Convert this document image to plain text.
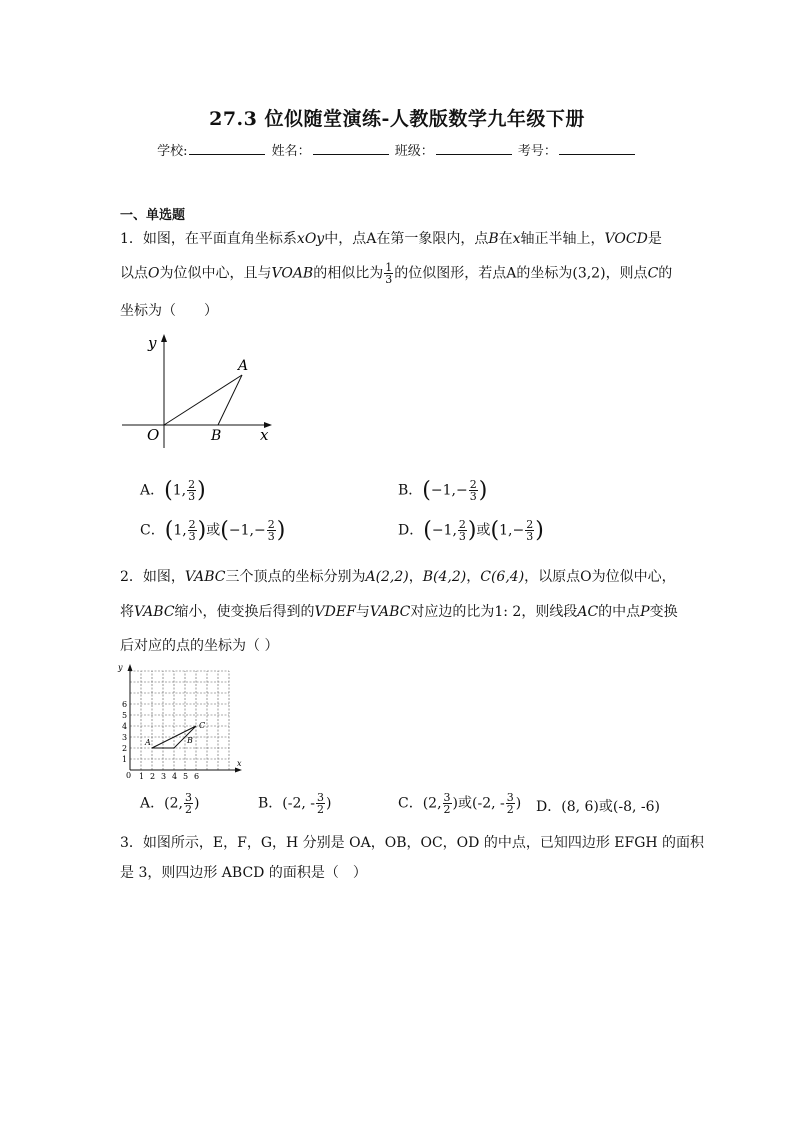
27.3 位似随堂演练-人教版数学九年级下册
学校:	姓名：	班级：	考号：
一、单选题
1．如图，在平面直角坐标系xOy中，点A在第一象限内，点B在x轴正半轴上，VOCD是
以点O为位似中心，且与VOAB的相似比为 $\frac{1}{3}$ 的位似图形，若点A的坐标为(3,2)，则点C的
坐标为（　　）
y
A
O	B	x
A．(1, $\frac{2}{3}$ )	B．($-1,- \frac{2}{3}$ )
C．(1, $\frac{2}{3}$ )或($-1,- \frac{2}{3}$ )	D．(−1, $\frac{2}{3}$ )或($1,- \frac{2}{3}$ )
2．如图，VABC三个顶点的坐标分别为A(2,2)，B(4,2)，C(6,4)，以原点O为位似中心，
将VABC缩小，使变换后得到的VDEF与VABC对应边的比为1: 2，则线段AC的中点P变换
后对应的点的坐标为（ ）
1 2 3 4 5 6
1
2
3
4
5
6
0
x
y
A	B
C
A．(2, $\frac{3}{2}$ )	B．(-2, - $\frac{3}{2}$ )	C．(2, $\frac{3}{2}$ )或(-2, - $\frac{3}{2}$ ) D．(8, 6)或(-8, -6)
3．如图所示，E，F，G，H 分别是 OA，OB，OC，OD 的中点，已知四边形 EFGH 的面积
是 3，则四边形 ABCD 的面积是（　）
